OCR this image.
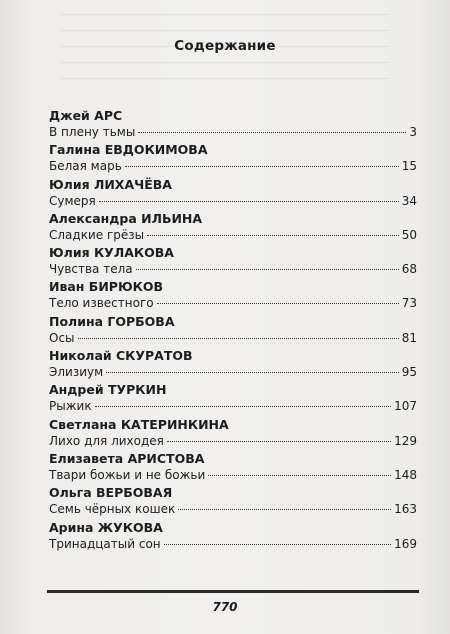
Содержание
Джей АРС
В плену тьмы	3
Галина ЕВДОКИМОВА
Белая марь	15
Юлия ЛИХАЧЁВА
Сумеря	34
Александра ИЛЬИНА
Сладкие грёзы	50
Юлия КУЛАКОВА
Чувства тела	68
Иван БИРЮКОВ
Тело известного	73
Полина ГОРБОВА
Осы	81
Николай СКУРАТОВ
Элизиум	95
Андрей ТУРКИН
Рыжик	107
Светлана КАТЕРИНКИНА
Лихо для лиходея	129
Елизавета АРИСТОВА
Твари божьи и не божьи	148
Ольга ВЕРБОВАЯ
Семь чёрных кошек	163
Арина ЖУКОВА
Тринадцатый сон	169
770
